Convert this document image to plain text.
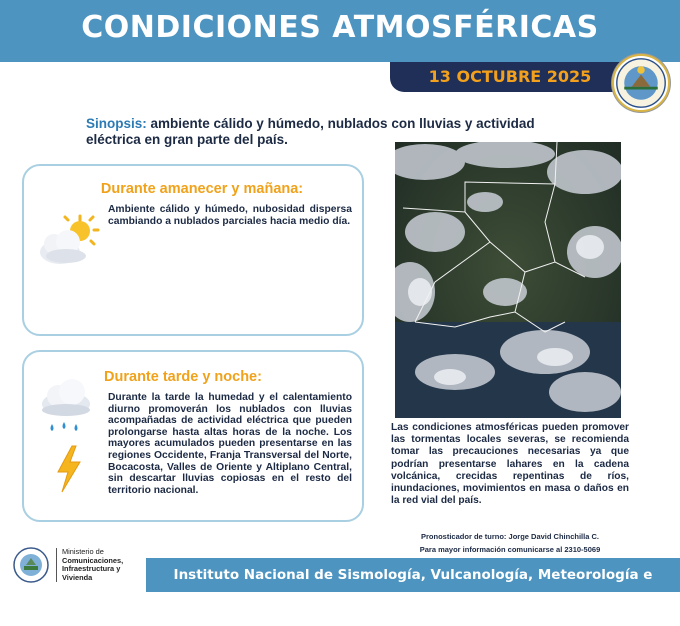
CONDICIONES ATMOSFÉRICAS
13 OCTUBRE 2025
Sinopsis: ambiente cálido y húmedo, nublados con lluvias y actividad eléctrica en gran parte del país.
Durante amanecer y mañana:

Ambiente cálido y húmedo, nubosidad dispersa cambiando a nublados parciales hacia medio día.

Durante tarde y noche:

Durante la tarde la humedad y el calentamiento diurno promoverán los nublados con lluvias acompañadas de actividad eléctrica que pueden prolongarse hasta altas horas de la noche. Los mayores acumulados pueden presentarse en las regiones Occidente, Franja Transversal del Norte, Bocacosta, Valles de Oriente y Altiplano Central, sin descartar lluvias copiosas en el resto del territorio nacional.

Las condiciones atmosféricas pueden promover las tormentas locales severas, se recomienda tomar las precauciones necesarias ya que podrían presentarse lahares en la cadena volcánica, crecidas repentinas de ríos, inundaciones, movimientos en masa o daños en la red vial del país.
Pronosticador de turno: Jorge David Chinchilla C.
Para mayor información comunicarse al 2310-5069
Ministerio de
Comunicaciones,
Infraestructura y
Vivienda	Instituto Nacional de Sismología, Vulcanología, Meteorología e Hidrología
